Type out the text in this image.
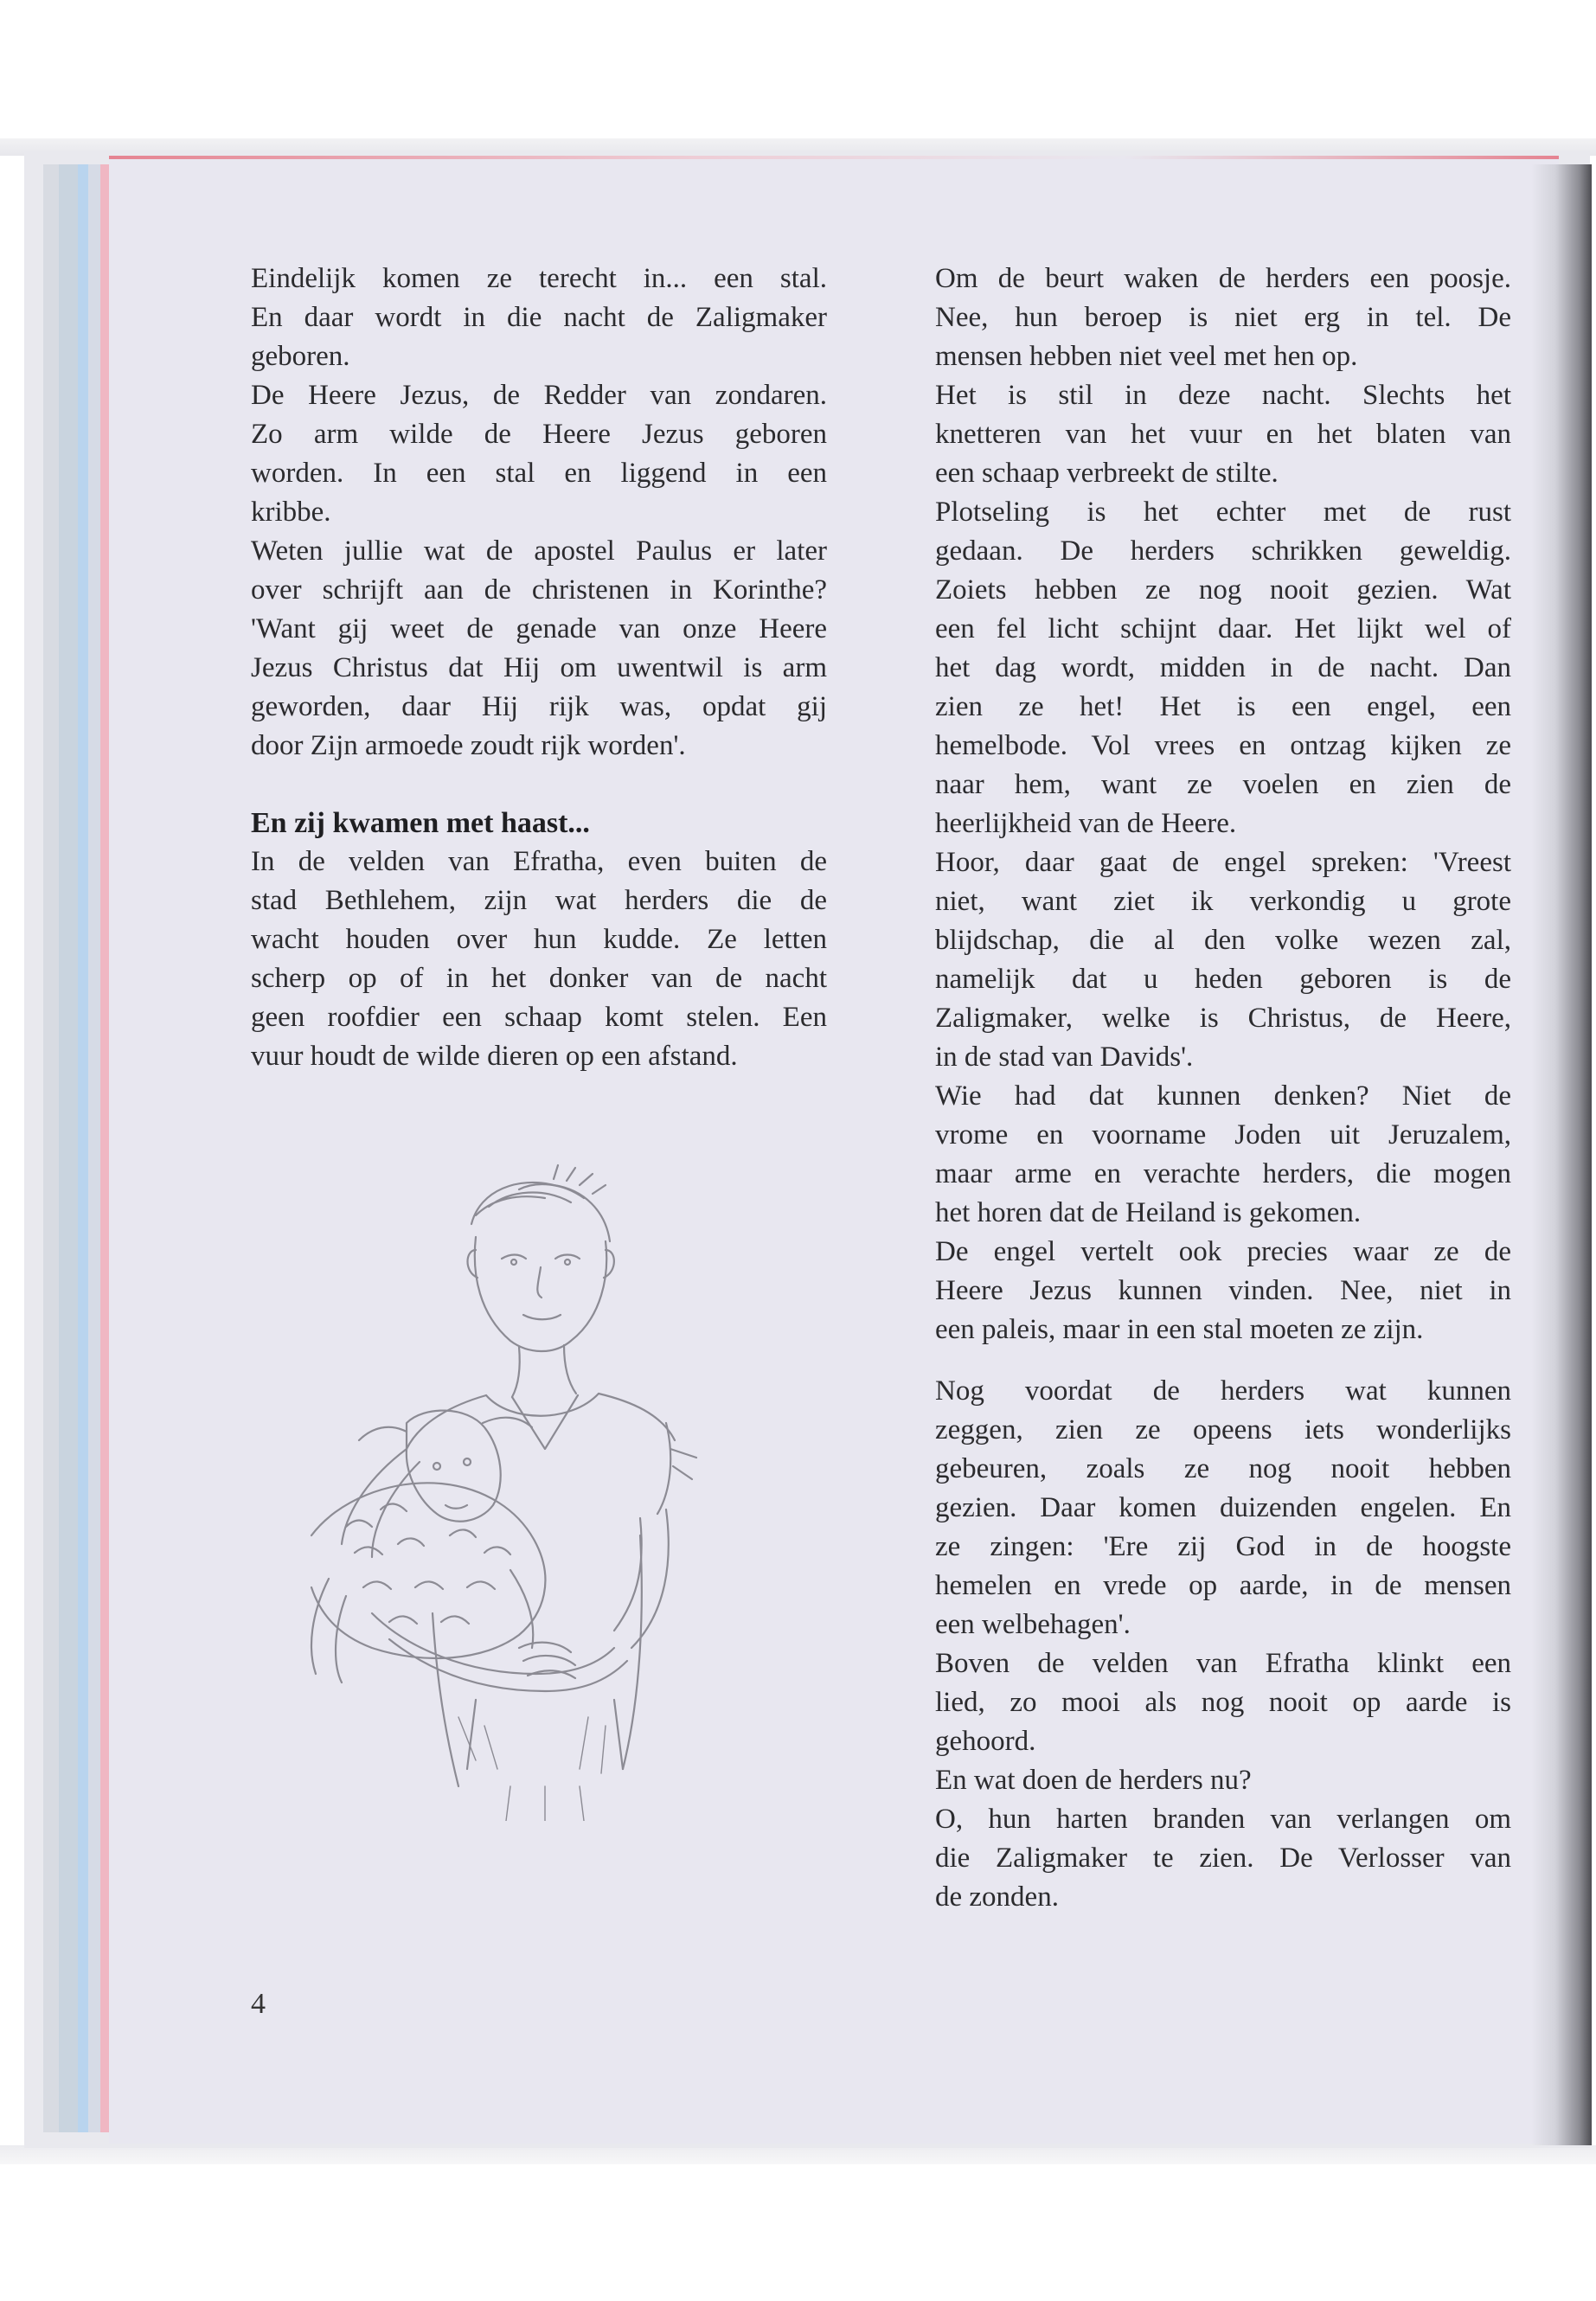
Eindelijk komen ze terecht in... een stal.

En daar wordt in die nacht de Zaligmaker

geboren.

De Heere Jezus, de Redder van zondaren.

Zo arm wilde de Heere Jezus geboren

worden. In een stal en liggend in een

kribbe.

Weten jullie wat de apostel Paulus er later

over schrijft aan de christenen in Korinthe?

'Want gij weet de genade van onze Heere

Jezus Christus dat Hij om uwentwil is arm

geworden, daar Hij rijk was, opdat gij

door Zijn armoede zoudt rijk worden'.

En zij kwamen met haast...

In de velden van Efratha, even buiten de

stad Bethlehem, zijn wat herders die de

wacht houden over hun kudde. Ze letten

scherp op of in het donker van de nacht

geen roofdier een schaap komt stelen. Een

vuur houdt de wilde dieren op een afstand.

Om de beurt waken de herders een poosje.

Nee, hun beroep is niet erg in tel. De

mensen hebben niet veel met hen op.

Het is stil in deze nacht. Slechts het

knetteren van het vuur en het blaten van

een schaap verbreekt de stilte.

Plotseling is het echter met de rust

gedaan. De herders schrikken geweldig.

Zoiets hebben ze nog nooit gezien. Wat

een fel licht schijnt daar. Het lijkt wel of

het dag wordt, midden in de nacht. Dan

zien ze het! Het is een engel, een

hemelbode. Vol vrees en ontzag kijken ze

naar hem, want ze voelen en zien de

heerlijkheid van de Heere.

Hoor, daar gaat de engel spreken: 'Vreest

niet, want ziet ik verkondig u grote

blijdschap, die al den volke wezen zal,

namelijk dat u heden geboren is de

Zaligmaker, welke is Christus, de Heere,

in de stad van Davids'.

Wie had dat kunnen denken? Niet de

vrome en voorname Joden uit Jeruzalem,

maar arme en verachte herders, die mogen

het horen dat de Heiland is gekomen.

De engel vertelt ook precies waar ze de

Heere Jezus kunnen vinden. Nee, niet in

een paleis, maar in een stal moeten ze zijn.

Nog voordat de herders wat kunnen

zeggen, zien ze opeens iets wonderlijks

gebeuren, zoals ze nog nooit hebben

gezien. Daar komen duizenden engelen. En

ze zingen: 'Ere zij God in de hoogste

hemelen en vrede op aarde, in de mensen

een welbehagen'.

Boven de velden van Efratha klinkt een

lied, zo mooi als nog nooit op aarde is

gehoord.

En wat doen de herders nu?

O, hun harten branden van verlangen om

die Zaligmaker te zien. De Verlosser van

de zonden.

4
